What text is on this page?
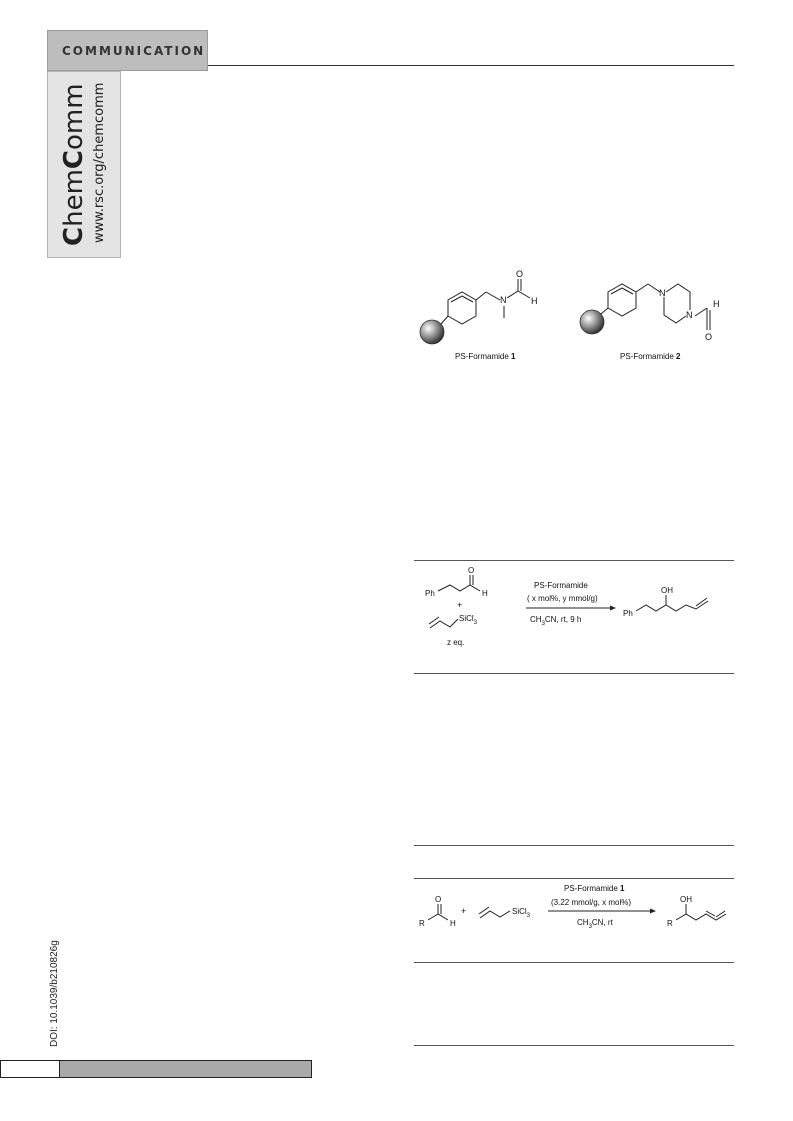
COMMUNICATION
ChemComm www.rsc.org/chemcomm
DOI: 10.1039/b210826g
N
O
H
PS-Formamide 1
N
N
H
O
PS-Formamide 2
Ph
O
H
+
SiCl$_3$
z eq.
PS-Formamide
( x mol%, y mmol/g)
$CH_3CN$, rt, 9 h
Ph
OH
R
O
H
+	SiCl$_3$
PS-Formamide 1
(3.22 mmol/g, x mol%)
$CH_3CN$, rt	R
OH
